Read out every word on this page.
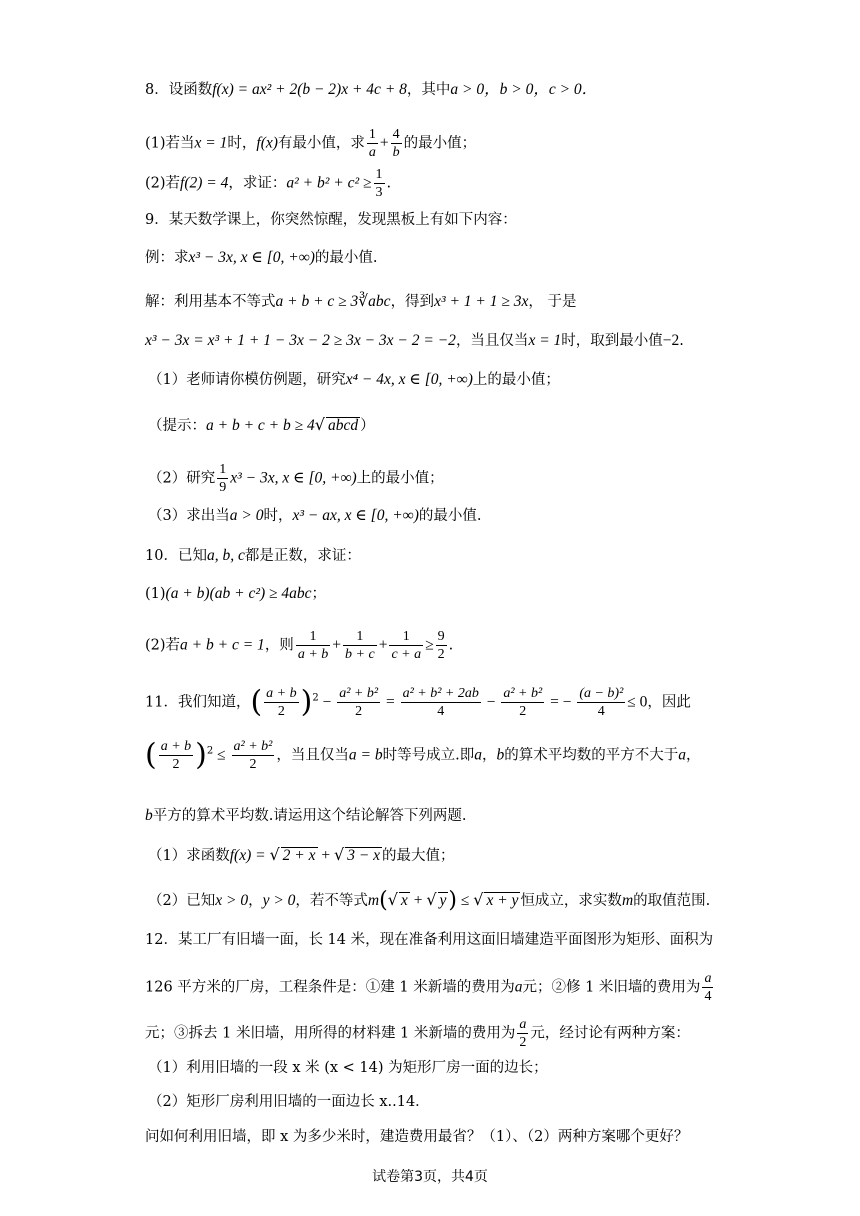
8．设函数f(x) = ax² + 2(b − 2)x + 4c + 8，其中a > 0，b > 0，c > 0．
(1)若当x = 1时，f(x)有最小值，求 $\frac{1}{a} + \frac{4}{b}$ 的最小值；
(2)若f(2) = 4，求证：$a^2 + b^2 + c^2 \ge \frac{1}{3}$ .
9．某天数学课上，你突然惊醒，发现黑板上有如下内容：
例：求x³ − 3x, x ∈ [0, +∞)的最小值.
解：利用基本不等式a + b + c ≥ 3∛abc，得到x³ + 1 + 1 ≥ 3x， 于是
x³ − 3x = x³ + 1 + 1 − 3x − 2 ≥ 3x − 3x − 2 = −2，当且仅当x = 1时，取到最小值−2.
（1）老师请你模仿例题，研究x⁴ − 4x, x ∈ [0, +∞)上的最小值；
（提示：a + b + c + b ≥ 4√ abcd ）
（2）研究 $\frac{1}{9} x^3 - 3x$, x ∈ [0, +∞)上的最小值；
（3）求出当a > 0时，x³ − ax, x ∈ [0, +∞)的最小值.
10．已知a, b, c都是正数，求证：
(1)(a + b)(ab + c²) ≥ 4abc；
(2)若a + b + c = 1，则 $\frac{1}{a + b} + \frac{1}{b + c} + \frac{1}{c + a} \ge \frac{9}{2}$ .
11．我们知道，( $\frac{a + b}{2} )^2 - \frac{\text{a² + b²}}{2} = \frac{\text{a² + b² + 2ab}}{4} - \frac{\text{a² + b²}}{2}$ = − $\frac{\text{(a − b)²}}{4} \le 0$，因此
( $\frac{a + b}{2} )^2 \le \frac{\text{a² + b²}}{2}$ ，当且仅当a = b时等号成立.即a，b的算术平均数的平方不大于a，
b平方的算术平均数.请运用这个结论解答下列两题.
（1）求函数f(x) = √ 2 + x + √ 3 − x 的最大值；
（2）已知x > 0，y > 0，若不等式m(√ x + √ y) ≤ √ x + y 恒成立，求实数m的取值范围.
12．某工厂有旧墙一面，长 14 米，现在准备利用这面旧墙建造平面图形为矩形、面积为
126 平方米的厂房，工程条件是：①建 1 米新墙的费用为a元；②修 1 米旧墙的费用为 $\frac{a}{4}$
元；③拆去 1 米旧墙，用所得的材料建 1 米新墙的费用为 $\frac{a}{2}$ 元，经讨论有两种方案：
（1）利用旧墙的一段 x 米 (x < 14) 为矩形厂房一面的边长；
（2）矩形厂房利用旧墙的一面边长 x..14．
问如何利用旧墙，即 x 为多少米时，建造费用最省？（1）、（2）两种方案哪个更好？
试卷第3页，共4页
